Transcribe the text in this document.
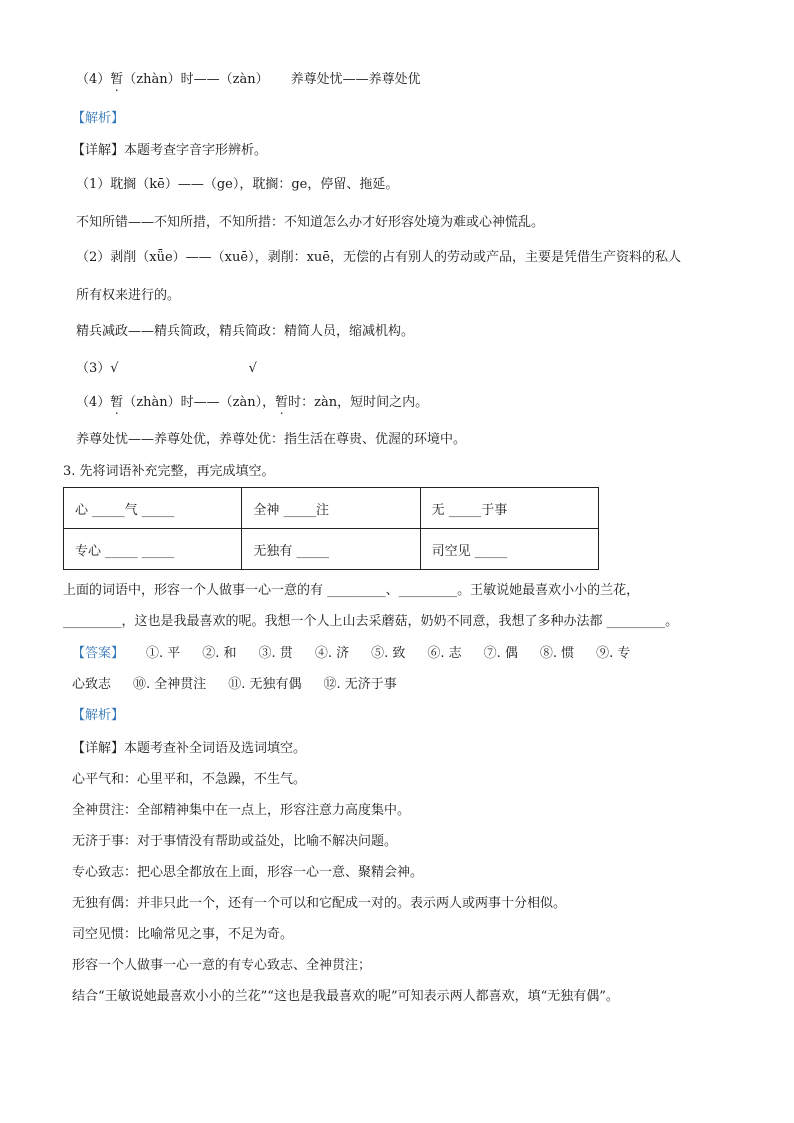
（4）暂（zhàn）时——（zàn） 养尊处忧——养尊处优
【解析】
【详解】本题考查字音字形辨析。
（1）耽搁（kē）——（ge），耽搁：ge，停留、拖延。
不知所错——不知所措，不知所措：不知道怎么办才好形容处境为难或心神慌乱。
（2）剥削（xǖe）——（xuē），剥削：xuē，无偿的占有别人的劳动或产品，主要是凭借生产资料的私人
所有权来进行的。
精兵减政——精兵简政，精兵简政：精简人员，缩减机构。
（3）√	√
（4）暂（zhàn）时——（zàn），暂时：zàn，短时间之内。
养尊处忧——养尊处优，养尊处优：指生活在尊贵、优渥的环境中。
3. 先将词语补充完整，再完成填空。
心 _____气 _____	全神 _____注	无 _____于事
专心 _____ _____	无独有 _____	司空见 _____
上面的词语中，形容一个人做事一心一意的有 _________、_________。王敏说她最喜欢小小的兰花，
_________，这也是我最喜欢的呢。我想一个人上山去采蘑菇，奶奶不同意，我想了多种办法都 _________。
【答案】 ①. 平 ②. 和 ③. 贯 ④. 济 ⑤. 致 ⑥. 志 ⑦. 偶 ⑧. 惯 ⑨. 专
心致志 ⑩. 全神贯注 ⑪. 无独有偶 ⑫. 无济于事
【解析】
【详解】本题考查补全词语及选词填空。
心平气和：心里平和，不急躁，不生气。
全神贯注：全部精神集中在一点上，形容注意力高度集中。
无济于事：对于事情没有帮助或益处，比喻不解决问题。
专心致志：把心思全都放在上面，形容一心一意、聚精会神。
无独有偶：并非只此一个，还有一个可以和它配成一对的。表示两人或两事十分相似。
司空见惯：比喻常见之事，不足为奇。
形容一个人做事一心一意的有专心致志、全神贯注；
结合“王敏说她最喜欢小小的兰花”“这也是我最喜欢的呢”可知表示两人都喜欢，填“无独有偶”。
